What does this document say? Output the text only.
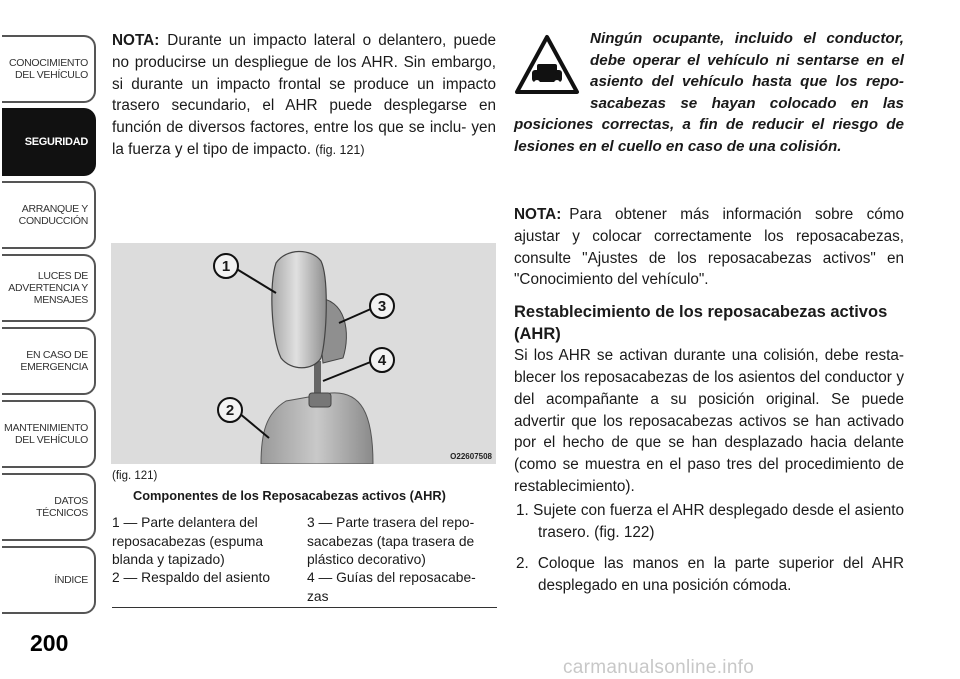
CONOCIMIENTO
DEL VEHÍCULO
SEGURIDAD
ARRANQUE Y
CONDUCCIÓN
LUCES DE
ADVERTENCIA Y
MENSAJES
EN CASO DE
EMERGENCIA
MANTENIMIENTO
DEL VEHÍCULO
DATOS
TÉCNICOS
ÍNDICE
200

NOTA: Durante un impacto lateral o delantero, puede no producirse un despliegue de los AHR. Sin embargo, si durante un impacto frontal se produce un impacto trasero secundario, el AHR puede desplegarse en función de diversos factores, entre los que se inclu- yen la fuerza y el tipo de impacto. (fig. 121)

1
2
3
4
O22607508
(fig. 121)
Componentes de los Reposacabezas activos (AHR)
1 — Parte delantera del reposacabezas (espuma blanda y tapizado)
3 — Parte trasera del repo- sacabezas (tapa trasera de plástico decorativo)
2 — Respaldo del asiento	4 — Guías del reposacabe- zas
Ningún ocupante, incluido el conductor, debe operar el vehículo ni sentarse en el asiento del vehículo hasta que los repo- sacabezas se hayan colocado en las posiciones correctas, a fin de reducir el riesgo de lesiones en el cuello en caso de una colisión.

NOTA: Para obtener más información sobre cómo ajustar y colocar correctamente los reposacabezas, consulte "Ajustes de los reposacabezas activos" en "Conocimiento del vehículo".

Restablecimiento de los reposacabezas activos (AHR)

Si los AHR se activan durante una colisión, debe resta- blecer los reposacabezas de los asientos del conductor y del acompañante a su posición original. Se puede advertir que los reposacabezas activos se han activado por el hecho de que se han desplazado hacia delante (como se muestra en el paso tres del procedimiento de restablecimiento).

1. Sujete con fuerza el AHR desplegado desde el asiento trasero. (fig. 122)
2. Coloque las manos en la parte superior del AHR desplegado en una posición cómoda.
carmanualsonline.info
